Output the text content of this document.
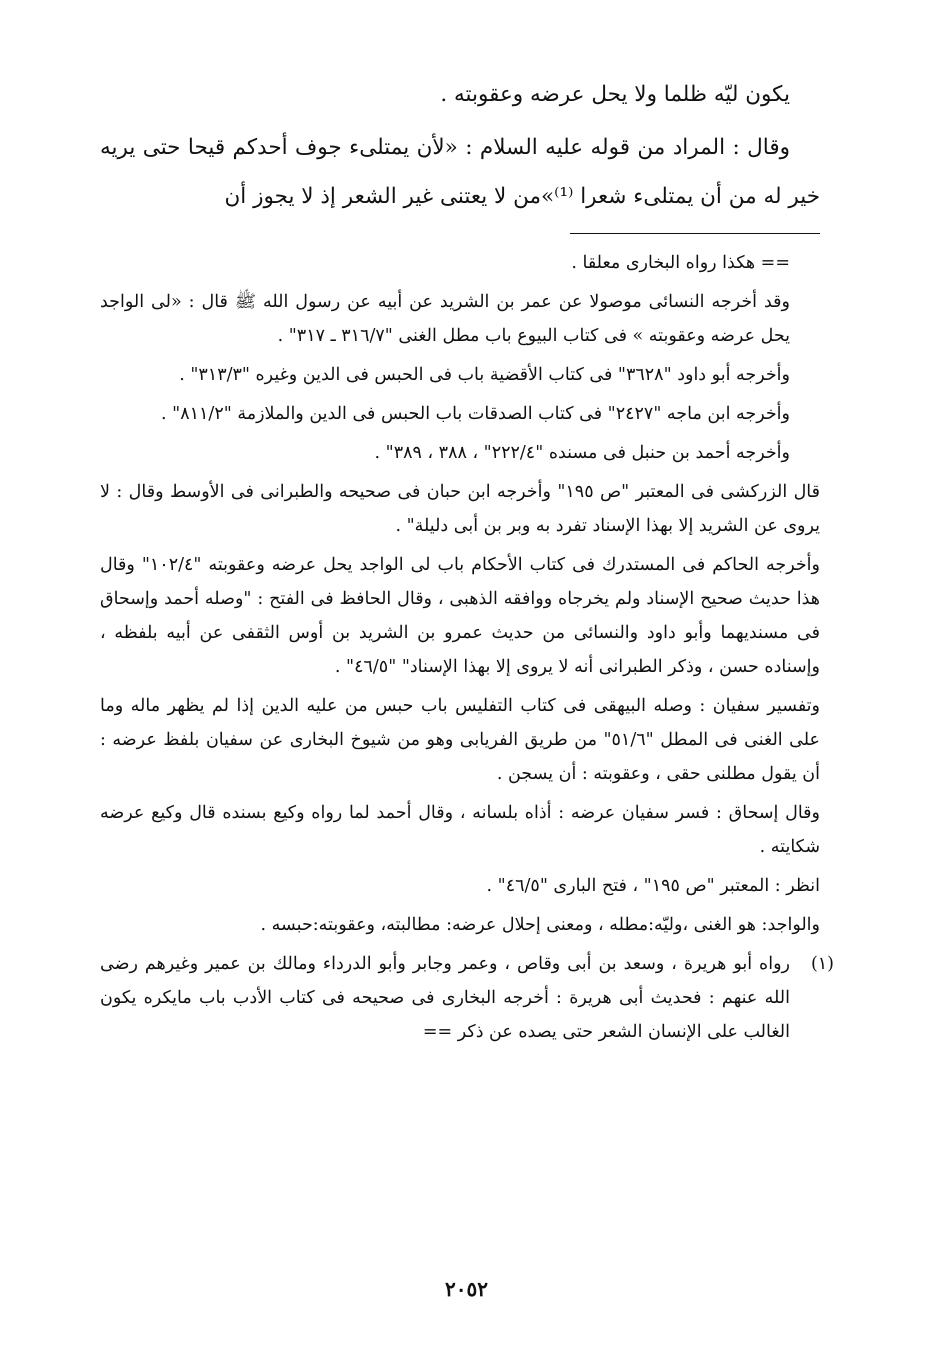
يكون ليّه ظلما ولا يحل عرضه وعقوبته .

وقال : المراد من قوله عليه السلام : «لأن يمتلىء جوف أحدكم قيحا حتى يريه خير له من أن يمتلىء شعرا ⁽¹⁾»من لا يعتنى غير الشعر إذ لا يجوز أن

== هكذا رواه البخارى معلقا .

وقد أخرجه النسائى موصولا عن عمر بن الشريد عن أبيه عن رسول الله ﷺ قال : «لى الواجد يحل عرضه وعقوبته » فى كتاب البيوع باب مطل الغنى "٣١٦/٧ ـ ٣١٧" .

وأخرجه أبو داود "٣٦٢٨" فى كتاب الأقضية باب فى الحبس فى الدين وغيره "٣١٣/٣" .

وأخرجه ابن ماجه "٢٤٢٧" فى كتاب الصدقات باب الحبس فى الدين والملازمة "٨١١/٢" .

وأخرجه أحمد بن حنبل فى مسنده "٢٢٢/٤" ، ٣٨٨ ، ٣٨٩" .

قال الزركشى فى المعتبر "ص ١٩٥" وأخرجه ابن حبان فى صحيحه والطبرانى فى الأوسط وقال : لا يروى عن الشريد إلا بهذا الإسناد تفرد به وبر بن أبى دليلة" .

وأخرجه الحاكم فى المستدرك فى كتاب الأحكام باب لى الواجد يحل عرضه وعقوبته "١٠٢/٤" وقال هذا حديث صحيح الإسناد ولم يخرجاه ووافقه الذهبى ، وقال الحافظ فى الفتح : "وصله أحمد وإسحاق فى مسنديهما وأبو داود والنسائى من حديث عمرو بن الشريد بن أوس الثقفى عن أبيه بلفظه ، وإسناده حسن ، وذكر الطبرانى أنه لا يروى إلا بهذا الإسناد" "٤٦/٥" .

وتفسير سفيان : وصله البيهقى فى كتاب التفليس باب حبس من عليه الدين إذا لم يظهر ماله وما على الغنى فى المطل "٥١/٦" من طريق الفريابى وهو من شيوخ البخارى عن سفيان بلفظ عرضه : أن يقول مطلنى حقى ، وعقوبته : أن يسجن .

وقال إسحاق : فسر سفيان عرضه : أذاه بلسانه ، وقال أحمد لما رواه وكيع بسنده قال وكيع عرضه شكايته .

انظر : المعتبر "ص ١٩٥" ، فتح البارى "٤٦/٥" .

والواجد: هو الغنى ،وليّه:مطله ، ومعنى إحلال عرضه: مطالبته، وعقوبته:حبسه .

(١)

رواه أبو هريرة ، وسعد بن أبى وقاص ، وعمر وجابر وأبو الدرداء ومالك بن عمير وغيرهم رضى الله عنهم : فحديث أبى هريرة : أخرجه البخارى فى صحيحه فى كتاب الأدب باب مايكره يكون الغالب على الإنسان الشعر حتى يصده عن ذكر ==

٢٠٥٢
